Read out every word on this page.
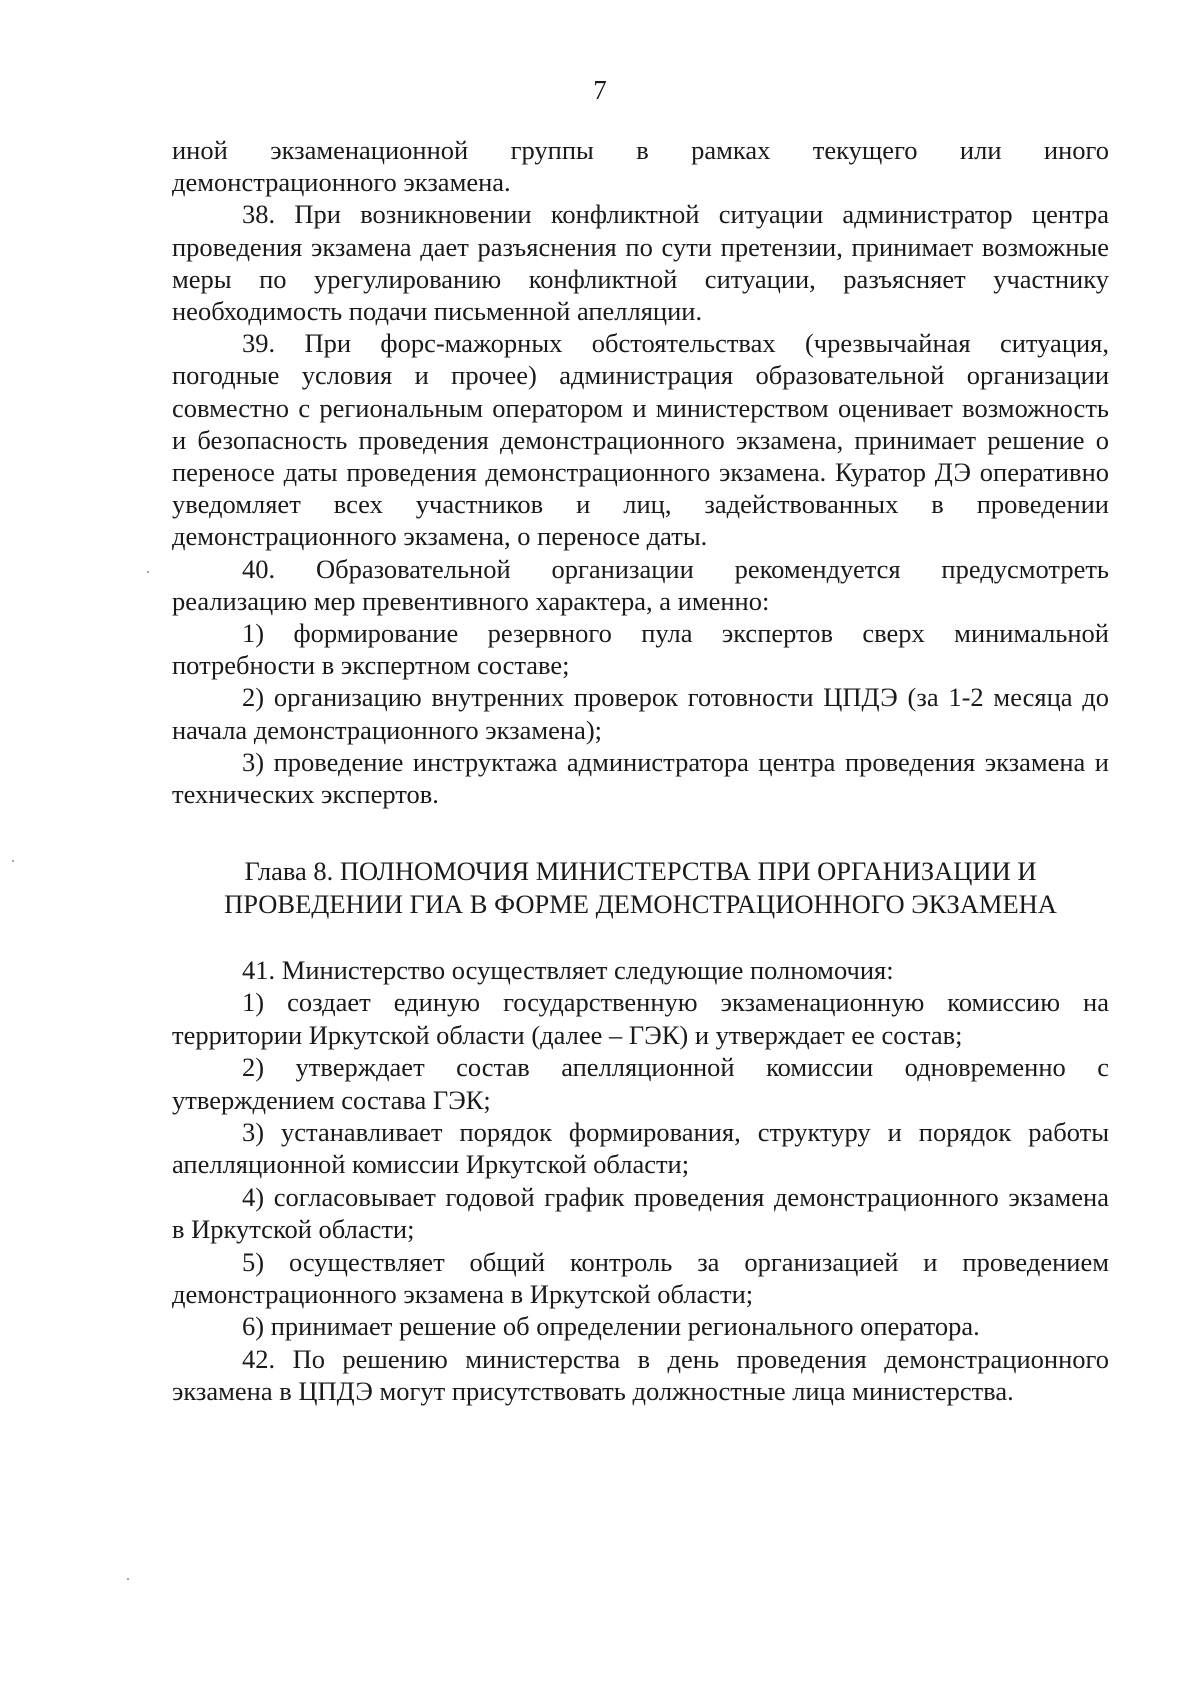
7

иной экзаменационной группы в рамках текущего или иного

демонстрационного экзамена.

38. При возникновении конфликтной ситуации администратор центра проведения экзамена дает разъяснения по сути претензии, принимает возможные меры по урегулированию конфликтной ситуации, разъясняет участнику необходимость подачи письменной апелляции.

39. При форс-мажорных обстоятельствах (чрезвычайная ситуация, погодные условия и прочее) администрация образовательной организации совместно с региональным оператором и министерством оценивает возможность и безопасность проведения демонстрационного экзамена, принимает решение о переносе даты проведения демонстрационного экзамена. Куратор ДЭ оперативно уведомляет всех участников и лиц, задействованных в проведении демонстрационного экзамена, о переносе даты.

40. Образовательной организации рекомендуется предусмотреть реализацию мер превентивного характера, а именно:

1) формирование резервного пула экспертов сверх минимальной потребности в экспертном составе;

2) организацию внутренних проверок готовности ЦПДЭ (за 1-2 месяца до начала демонстрационного экзамена);

3) проведение инструктажа администратора центра проведения экзамена и технических экспертов.

Глава 8. ПОЛНОМОЧИЯ МИНИСТЕРСТВА ПРИ ОРГАНИЗАЦИИ И
ПРОВЕДЕНИИ ГИА В ФОРМЕ ДЕМОНСТРАЦИОННОГО ЭКЗАМЕНА

41. Министерство осуществляет следующие полномочия:

1) создает единую государственную экзаменационную комиссию на территории Иркутской области (далее – ГЭК) и утверждает ее состав;

2) утверждает состав апелляционной комиссии одновременно с утверждением состава ГЭК;

3) устанавливает порядок формирования, структуру и порядок работы апелляционной комиссии Иркутской области;

4) согласовывает годовой график проведения демонстрационного экзамена в Иркутской области;

5) осуществляет общий контроль за организацией и проведением демонстрационного экзамена в Иркутской области;

6) принимает решение об определении регионального оператора.

42. По решению министерства в день проведения демонстрационного экзамена в ЦПДЭ могут присутствовать должностные лица министерства.
